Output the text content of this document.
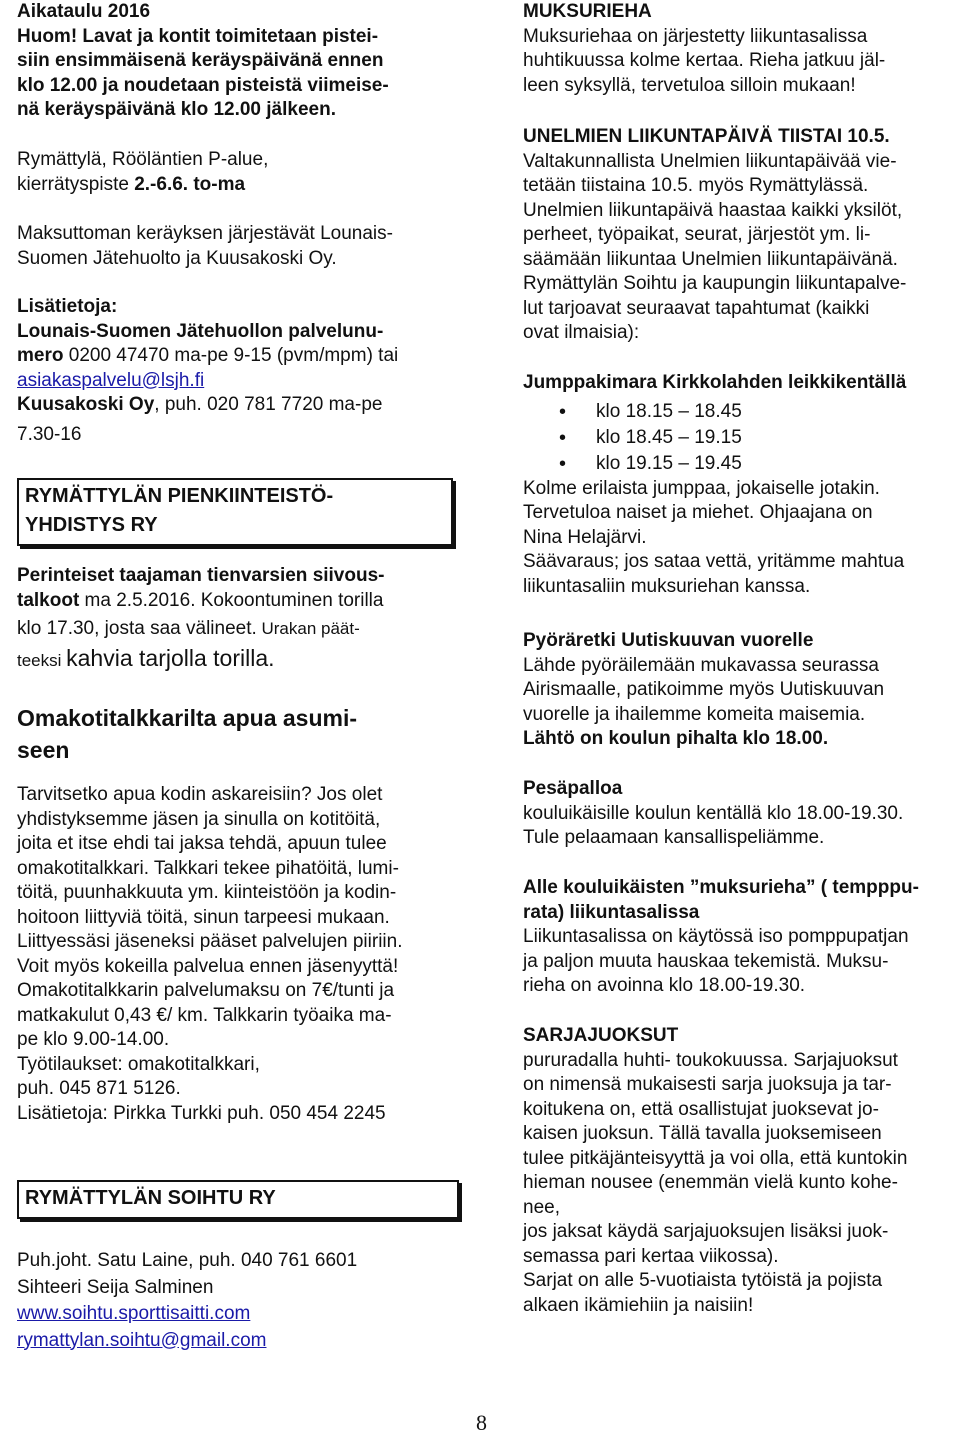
Aikataulu 2016
Huom! Lavat ja kontit toimitetaan pistei-
siin ensimmäisenä keräyspäivänä ennen
klo 12.00 ja noudetaan pisteistä viimeise-
nä keräyspäivänä klo 12.00 jälkeen.
Rymättylä, Rööläntien P-alue,
kierrätyspiste 2.-6.6. to-ma
Maksuttoman keräyksen järjestävät Lounais-
Suomen Jätehuolto ja Kuusakoski Oy.
Lisätietoja:
Lounais-Suomen Jätehuollon palvelunu-
mero 0200 47470 ma-pe 9-15 (pvm/mpm) tai
asiakaspalvelu@lsjh.fi
Kuusakoski Oy, puh. 020 781 7720 ma-pe
7.30-16
RYMÄTTYLÄN PIENKIINTEISTÖ-
YHDISTYS RY
Perinteiset taajaman tienvarsien siivous-
talkoot ma 2.5.2016. Kokoontuminen torilla
klo 17.30, josta saa välineet. Urakan päät-
teeksi kahvia tarjolla torilla.
Omakotitalkkarilta apua asumi-
seen
Tarvitsetko apua kodin askareisiin? Jos olet
yhdistyksemme jäsen ja sinulla on kotitöitä,
joita et itse ehdi tai jaksa tehdä, apuun tulee
omakotitalkkari. Talkkari tekee pihatöitä, lumi-
töitä, puunhakkuuta ym. kiinteistöön ja kodin-
hoitoon liittyviä töitä, sinun tarpeesi mukaan.
Liittyessäsi jäseneksi pääset palvelujen piiriin.
Voit myös kokeilla palvelua ennen jäsenyyttä!
Omakotitalkkarin palvelumaksu on 7€/tunti ja
matkakulut 0,43 €/ km. Talkkarin työaika ma-
pe klo 9.00-14.00.
Työtilaukset: omakotitalkkari,
puh. 045 871 5126.
Lisätietoja: Pirkka Turkki puh. 050 454 2245
RYMÄTTYLÄN SOIHTU RY
Puh.joht. Satu Laine, puh. 040 761 6601
Sihteeri Seija Salminen
www.soihtu.sporttisaitti.com
rymattylan.soihtu@gmail.com
MUKSURIEHA
Muksuriehaa on järjestetty liikuntasalissa
huhtikuussa kolme kertaa. Rieha jatkuu jäl-
leen syksyllä, tervetuloa silloin mukaan!
UNELMIEN LIIKUNTAPÄIVÄ TIISTAI 10.5.
Valtakunnallista Unelmien liikuntapäivää vie-
tetään tiistaina 10.5. myös Rymättylässä.
Unelmien liikuntapäivä haastaa kaikki yksilöt,
perheet, työpaikat, seurat, järjestöt ym. li-
säämään liikuntaa Unelmien liikuntapäivänä.
Rymättylän Soihtu ja kaupungin liikuntapalve-
lut tarjoavat seuraavat tapahtumat (kaikki
ovat ilmaisia):
Jumppakimara Kirkkolahden leikkikentällä
• klo 18.15 – 18.45
• klo 18.45 – 19.15
• klo 19.15 – 19.45
Kolme erilaista jumppaa, jokaiselle jotakin.
Tervetuloa naiset ja miehet. Ohjaajana on
Nina Helajärvi.
Säävaraus; jos sataa vettä, yritämme mahtua
liikuntasaliin muksuriehan kanssa.
Pyöräretki Uutiskuuvan vuorelle
Lähde pyöräilemään mukavassa seurassa
Airismaalle, patikoimme myös Uutiskuuvan
vuorelle ja ihailemme komeita maisemia.
Lähtö on koulun pihalta klo 18.00.
Pesäpalloa
kouluikäisille koulun kentällä klo 18.00-19.30.
Tule pelaamaan kansallispeliämme.
Alle kouluikäisten ”muksurieha” ( tempppu-
rata) liikuntasalissa
Liikuntasalissa on käytössä iso pomppupatjan
ja paljon muuta hauskaa tekemistä. Muksu-
rieha on avoinna klo 18.00-19.30.
SARJAJUOKSUT
pururadalla huhti- toukokuussa. Sarjajuoksut
on nimensä mukaisesti sarja juoksuja ja tar-
koitukena on, että osallistujat juoksevat jo-
kaisen juoksun. Tällä tavalla juoksemiseen
tulee pitkäjänteisyyttä ja voi olla, että kuntokin
hieman nousee (enemmän vielä kunto kohe-
nee,
jos jaksat käydä sarjajuoksujen lisäksi juok-
semassa pari kertaa viikossa).
Sarjat on alle 5-vuotiaista tytöistä ja pojista
alkaen ikämiehiin ja naisiin!
8
